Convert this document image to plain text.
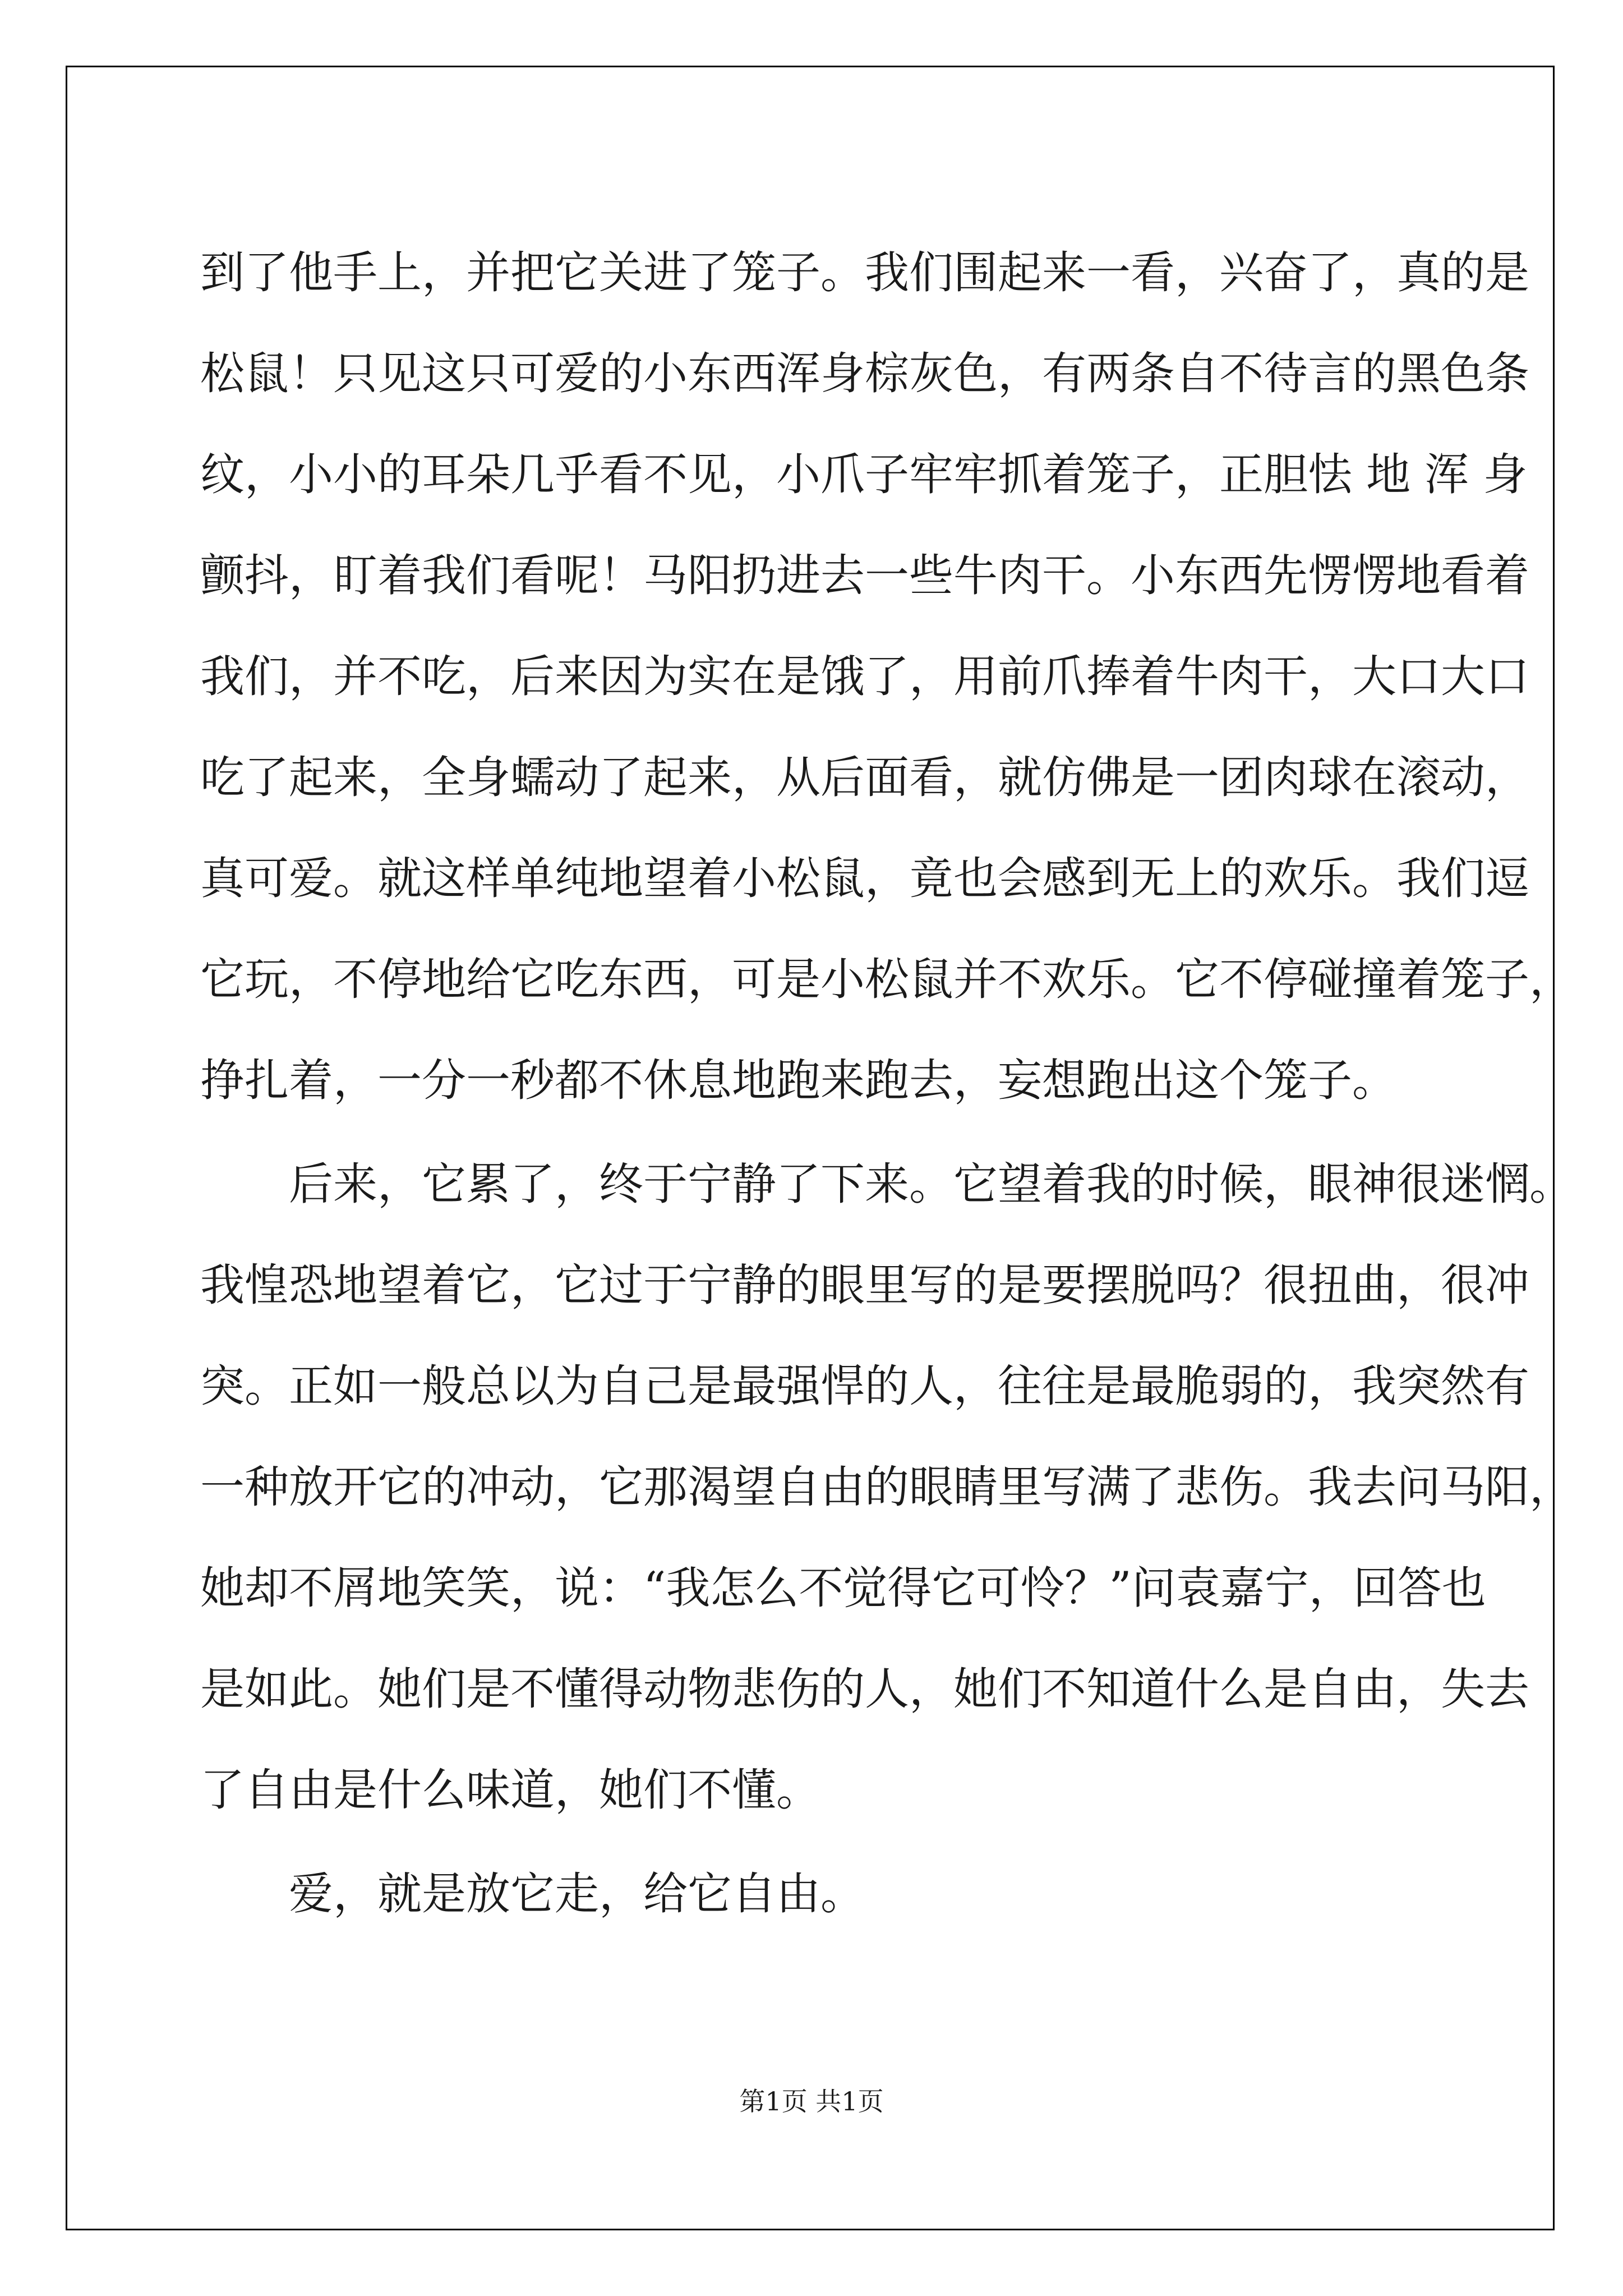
到了他手上，并把它关进了笼子。我们围起来一看，兴奋了，真的是
松鼠！只见这只可爱的小东西浑身棕灰色，有两条自不待言的黑色条
纹，小小的耳朵几乎看不见，小爪子牢牢抓着笼子，正胆怯 地 浑 身
颤抖，盯着我们看呢！马阳扔进去一些牛肉干。小东西先愣愣地看着
我们，并不吃，后来因为实在是饿了，用前爪捧着牛肉干，大口大口
吃了起来，全身蠕动了起来，从后面看，就仿佛是一团肉球在滚动，
真可爱。就这样单纯地望着小松鼠，竟也会感到无上的欢乐。我们逗
它玩，不停地给它吃东西，可是小松鼠并不欢乐。它不停碰撞着笼子，
挣扎着，一分一秒都不休息地跑来跑去，妄想跑出这个笼子。
后来，它累了，终于宁静了下来。它望着我的时候，眼神很迷惘。
我惶恐地望着它，它过于宁静的眼里写的是要摆脱吗？很扭曲，很冲
突。正如一般总以为自己是最强悍的人，往往是最脆弱的，我突然有
一种放开它的冲动，它那渴望自由的眼睛里写满了悲伤。我去问马阳，
她却不屑地笑笑，说：“我怎么不觉得它可怜？”问袁嘉宁，回答也
是如此。她们是不懂得动物悲伤的人，她们不知道什么是自由，失去
了自由是什么味道，她们不懂。
爱，就是放它走，给它自由。
第1页 共1页
